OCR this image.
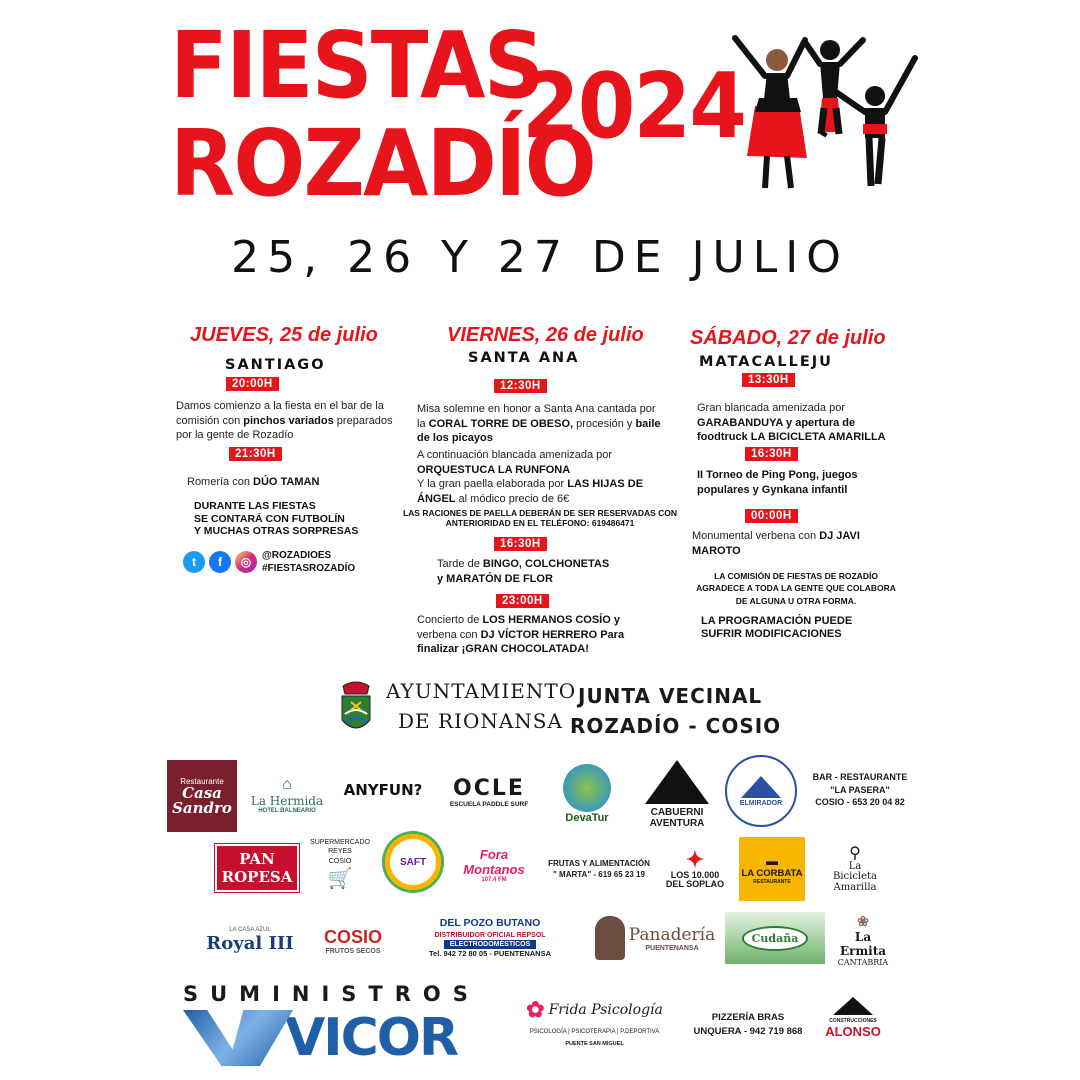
FIESTAS
ROZADÍO
2024
25, 26 Y 27 DE JULIO
JUEVES, 25 de julio
SANTIAGO
20:00H
Damos comienzo a la fiesta en el bar de la comisión con pinchos variados preparados por la gente de Rozadío
21:30H
Romería con DÚO TAMAN
DURANTE LAS FIESTAS
SE CONTARÁ CON FUTBOLÍN
Y MUCHAS OTRAS SORPRESAS
t	f	◎	@ROZADIOES
#FIESTASROZADÍO
VIERNES, 26 de julio
SANTA ANA
12:30H
Misa solemne en honor a Santa Ana cantada por la CORAL TORRE DE OBESO, procesión y baile de los picayos
A continuación blancada amenizada por ORQUESTUCA LA RUNFONA
Y la gran paella elaborada por LAS HIJAS DE ÁNGEL al módico precio de 6€
LAS RACIONES DE PAELLA DEBERÁN DE SER RESERVADAS CON ANTERIORIDAD EN EL TELÉFONO: 619486471
16:30H
Tarde de BINGO, COLCHONETAS
y MARATÓN DE FLOR
23:00H
Concierto de LOS HERMANOS COSÍO y verbena con DJ VÍCTOR HERRERO Para finalizar ¡GRAN CHOCOLATADA!
SÁBADO, 27 de julio
MATACALLEJU
13:30H
Gran blancada amenizada por GARABANDUYA y apertura de foodtruck LA BICICLETA AMARILLA
16:30H
II Torneo de Ping Pong, juegos populares y Gynkana infantil
00:00H
Monumental verbena con DJ JAVI MAROTO
LA COMISIÓN DE FIESTAS DE ROZADÍO AGRADECE A TODA LA GENTE QUE COLABORA DE ALGUNA U OTRA FORMA.
LA PROGRAMACIÓN PUEDE SUFRIR MODIFICACIONES
AYUNTAMIENTO
DE RIONANSA
JUNTA VECINAL
ROZADÍO - COSIO
Restaurante
Casa Sandro
⌂
La Hermida
HOTEL BALNEARIO
ANYFUN?	OCLE
ESCUELA PADDLE SURF
DevaTur	CABUERNI
AVENTURA
ELMIRADOR
BAR - RESTAURANTE
"LA PASERA"
COSIO - 653 20 04 82
PAN ROPESA
SUPERMERCADO
REYES
COSIO
🛒
SAFT	Fora Montanos
107.4 FM
FRUTAS Y ALIMENTACIÓN
" MARTA" - 619 65 23 19
✦
LOS 10.000
DEL SOPLAO
▬
LA CORBATA
RESTAURANTE
⚲
La
Bicicleta
Amarilla
LA CASA AZUL
Royal III COSIO
FRUTOS SECOS
DEL POZO BUTANO
DISTRIBUIDOR OFICIAL REPSOL
ELECTRODOMÉSTICOS
Tel. 942 72 80 05 - PUENTENANSA
Panadería
PUENTENANSA
Cudaña
❀
La Ermita
CANTABRIA
SUMINISTROS
VICOR	✿ Frida Psicología
PSICOLOGÍA | PSICOTERAPIA | P.DEPORTIVA
PUENTE SAN MIGUEL
PIZZERÍA BRAS
UNQUERA - 942 719 868
CONSTRUCCIONES
ALONSO
